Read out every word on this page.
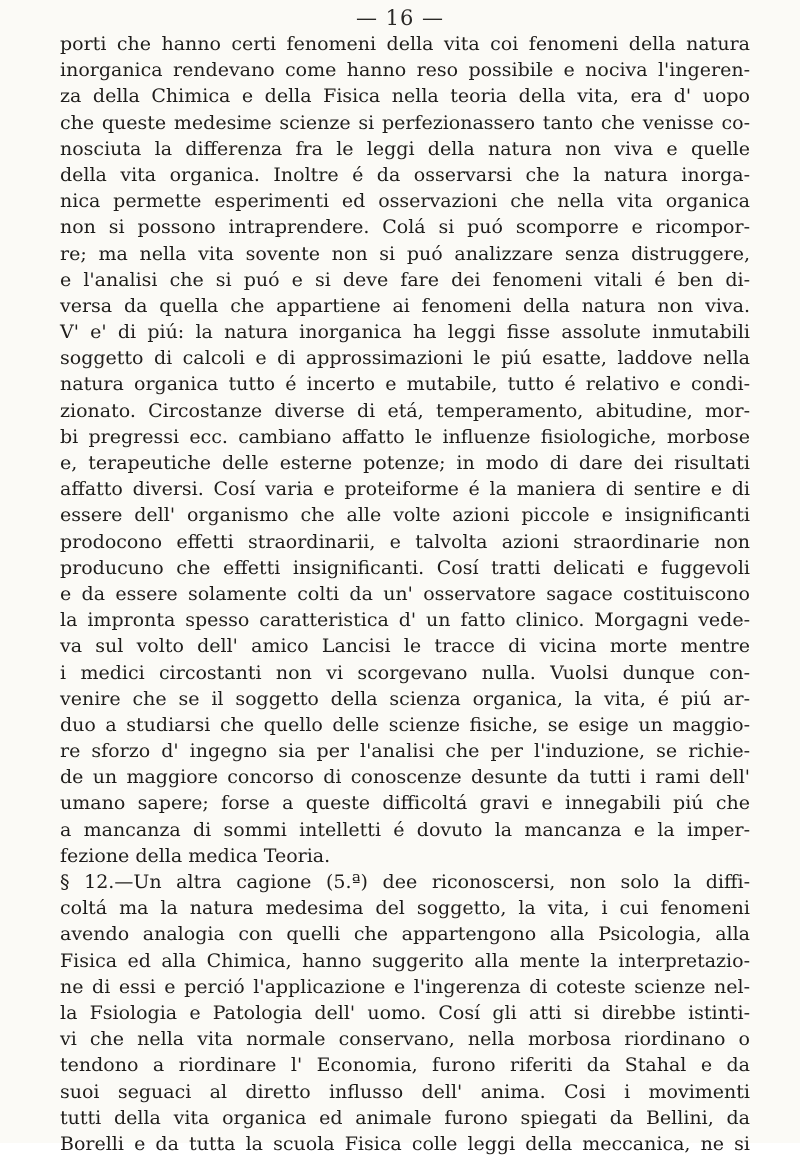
— 16 —
porti che hanno certi fenomeni della vita coi fenomeni della natura
inorganica rendevano come hanno reso possibile e nociva l'ingeren-
za della Chimica e della Fisica nella teoria della vita, era d' uopo
che queste medesime scienze si perfezionassero tanto che venisse co-
nosciuta la differenza fra le leggi della natura non viva e quelle
della vita organica. Inoltre é da osservarsi che la natura inorga-
nica permette esperimenti ed osservazioni che nella vita organica
non si possono intraprendere. Colá si puó scomporre e ricompor-
re; ma nella vita sovente non si puó analizzare senza distruggere,
e l'analisi che si puó e si deve fare dei fenomeni vitali é ben di-
versa da quella che appartiene ai fenomeni della natura non viva.
V' e' di piú: la natura inorganica ha leggi fisse assolute inmutabili
soggetto di calcoli e di approssimazioni le piú esatte, laddove nella
natura organica tutto é incerto e mutabile, tutto é relativo e condi-
zionato. Circostanze diverse di etá, temperamento, abitudine, mor-
bi pregressi ecc. cambiano affatto le influenze fisiologiche, morbose
e, terapeutiche delle esterne potenze; in modo di dare dei risultati
affatto diversi. Cosí varia e proteiforme é la maniera di sentire e di
essere dell' organismo che alle volte azioni piccole e insignificanti
prodocono effetti straordinarii, e talvolta azioni straordinarie non
producuno che effetti insignificanti. Cosí tratti delicati e fuggevoli
e da essere solamente colti da un' osservatore sagace costituiscono
la impronta spesso caratteristica d' un fatto clinico. Morgagni vede-
va sul volto dell' amico Lancisi le tracce di vicina morte mentre
i medici circostanti non vi scorgevano nulla. Vuolsi dunque con-
venire che se il soggetto della scienza organica, la vita, é piú ar-
duo a studiarsi che quello delle scienze fisiche, se esige un maggio-
re sforzo d' ingegno sia per l'analisi che per l'induzione, se richie-
de un maggiore concorso di conoscenze desunte da tutti i rami dell'
umano sapere; forse a queste difficoltá gravi e innegabili piú che
a mancanza di sommi intelletti é dovuto la mancanza e la imper-
fezione della medica Teoria.
§ 12.—Un altra cagione (5.ª) dee riconoscersi, non solo la diffi-
coltá ma la natura medesima del soggetto, la vita, i cui fenomeni
avendo analogia con quelli che appartengono alla Psicologia, alla
Fisica ed alla Chimica, hanno suggerito alla mente la interpretazio-
ne di essi e perció l'applicazione e l'ingerenza di coteste scienze nel-
la Fsiologia e Patologia dell' uomo. Cosí gli atti si direbbe istinti-
vi che nella vita normale conservano, nella morbosa riordinano o
tendono a riordinare l' Economia, furono riferiti da Stahal e da
suoi seguaci al diretto influsso dell' anima. Cosi i movimenti
tutti della vita organica ed animale furono spiegati da Bellini, da
Borelli e da tutta la scuola Fisica colle leggi della meccanica, ne si
